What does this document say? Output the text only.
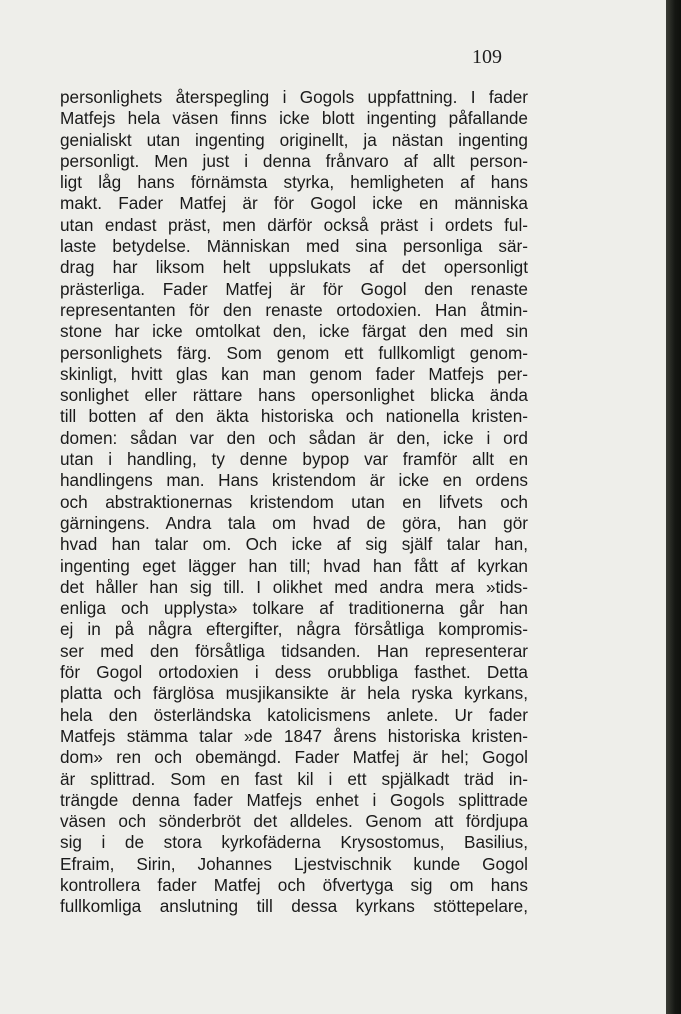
109

personlighets återspegling i Gogols uppfattning. I fader
Matfejs hela väsen finns icke blott ingenting påfallande
genialiskt utan ingenting originellt, ja nästan ingenting
personligt. Men just i denna frånvaro af allt person-
ligt låg hans förnämsta styrka, hemligheten af hans
makt. Fader Matfej är för Gogol icke en människa
utan endast präst, men därför också präst i ordets ful-
laste betydelse. Människan med sina personliga sär-
drag har liksom helt uppslukats af det opersonligt
prästerliga. Fader Matfej är för Gogol den renaste
representanten för den renaste ortodoxien. Han åtmin-
stone har icke omtolkat den, icke färgat den med sin
personlighets färg. Som genom ett fullkomligt genom-
skinligt, hvitt glas kan man genom fader Matfejs per-
sonlighet eller rättare hans opersonlighet blicka ända
till botten af den äkta historiska och nationella kristen-
domen: sådan var den och sådan är den, icke i ord
utan i handling, ty denne bypop var framför allt en
handlingens man. Hans kristendom är icke en ordens
och abstraktionernas kristendom utan en lifvets och
gärningens. Andra tala om hvad de göra, han gör
hvad han talar om. Och icke af sig själf talar han,
ingenting eget lägger han till; hvad han fått af kyrkan
det håller han sig till. I olikhet med andra mera »tids-
enliga och upplysta» tolkare af traditionerna går han
ej in på några eftergifter, några försåtliga kompromis-
ser med den försåtliga tidsanden. Han representerar
för Gogol ortodoxien i dess orubbliga fasthet. Detta
platta och färglösa musjikansikte är hela ryska kyrkans,
hela den österländska katolicismens anlete. Ur fader
Matfejs stämma talar »de 1847 årens historiska kristen-
dom» ren och obemängd. Fader Matfej är hel; Gogol
är splittrad. Som en fast kil i ett spjälkadt träd in-
trängde denna fader Matfejs enhet i Gogols splittrade
väsen och sönderbröt det alldeles. Genom att fördjupa
sig i de stora kyrkofäderna Krysostomus, Basilius,
Efraim, Sirin, Johannes Ljestvischnik kunde Gogol
kontrollera fader Matfej och öfvertyga sig om hans
fullkomliga anslutning till dessa kyrkans stöttepelare,
